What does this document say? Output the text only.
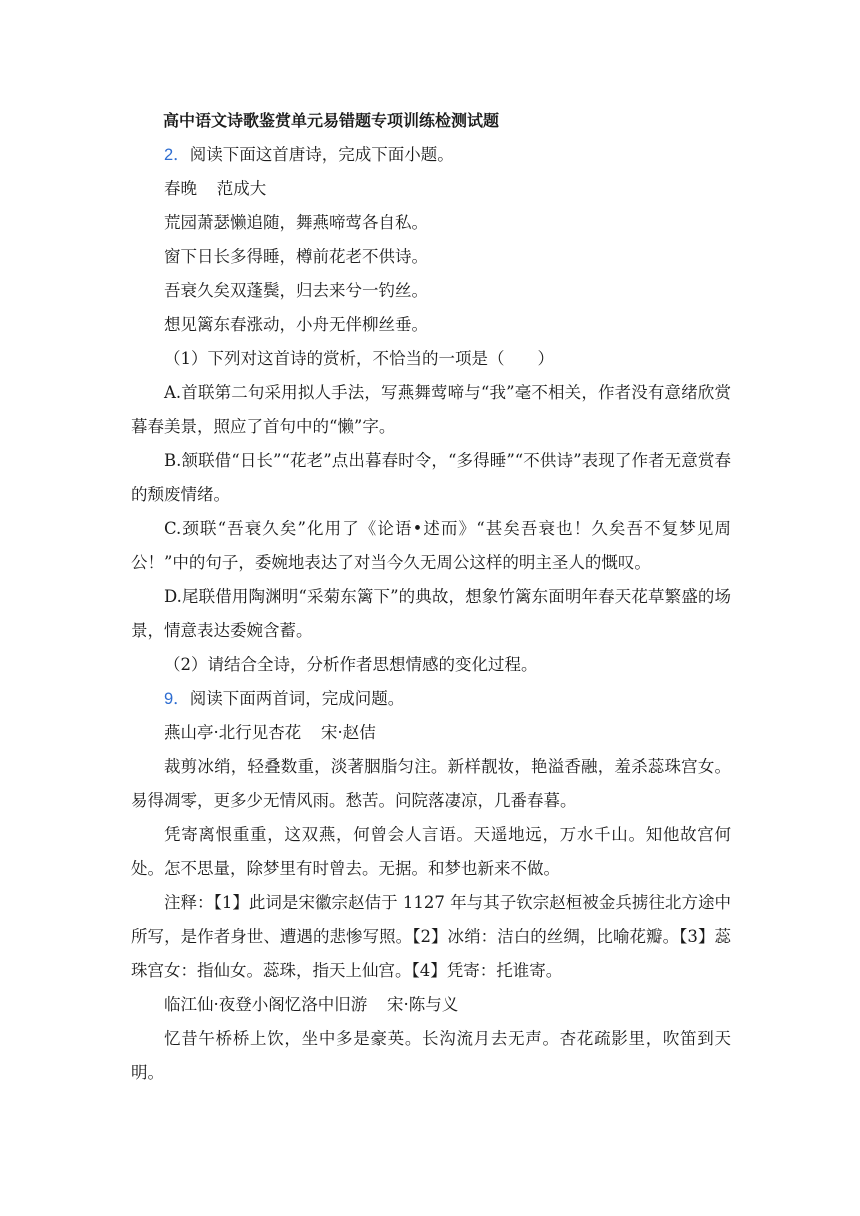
高中语文诗歌鉴赏单元易错题专项训练检测试题

2．阅读下面这首唐诗，完成下面小题。

春晚 范成大

荒园萧瑟懒追随，舞燕啼莺各自私。

窗下日长多得睡，樽前花老不供诗。

吾衰久矣双蓬鬓，归去来兮一钓丝。

想见篱东春涨动，小舟无伴柳丝垂。

（1）下列对这首诗的赏析，不恰当的一项是（　　）

A.首联第二句采用拟人手法，写燕舞莺啼与“我”毫不相关，作者没有意绪欣赏暮春美景，照应了首句中的“懒”字。

B.颔联借“日长”“花老”点出暮春时令，“多得睡”“不供诗”表现了作者无意赏春的颓废情绪。

C.颈联“吾衰久矣”化用了《论语•述而》“甚矣吾衰也！久矣吾不复梦见周公！”中的句子，委婉地表达了对当今久无周公这样的明主圣人的慨叹。

D.尾联借用陶渊明“采菊东篱下”的典故，想象竹篱东面明年春天花草繁盛的场景，情意表达委婉含蓄。

（2）请结合全诗，分析作者思想情感的变化过程。

9．阅读下面两首词，完成问题。

燕山亭·北行见杏花 宋·赵佶

裁剪冰绡，轻叠数重，淡著胭脂匀注。新样靓妆，艳溢香融，羞杀蕊珠宫女。易得凋零，更多少无情风雨。愁苦。问院落凄凉，几番春暮。

凭寄离恨重重，这双燕，何曾会人言语。天遥地远，万水千山。知他故宫何处。怎不思量，除梦里有时曾去。无据。和梦也新来不做。

注释：【1】此词是宋徽宗赵佶于 1127 年与其子钦宗赵桓被金兵掳往北方途中所写，是作者身世、遭遇的悲惨写照。【2】冰绡：洁白的丝绸，比喻花瓣。【3】蕊珠宫女：指仙女。蕊珠，指天上仙宫。【4】凭寄：托谁寄。

临江仙·夜登小阁忆洛中旧游 宋·陈与义

忆昔午桥桥上饮，坐中多是豪英。长沟流月去无声。杏花疏影里，吹笛到天明。
